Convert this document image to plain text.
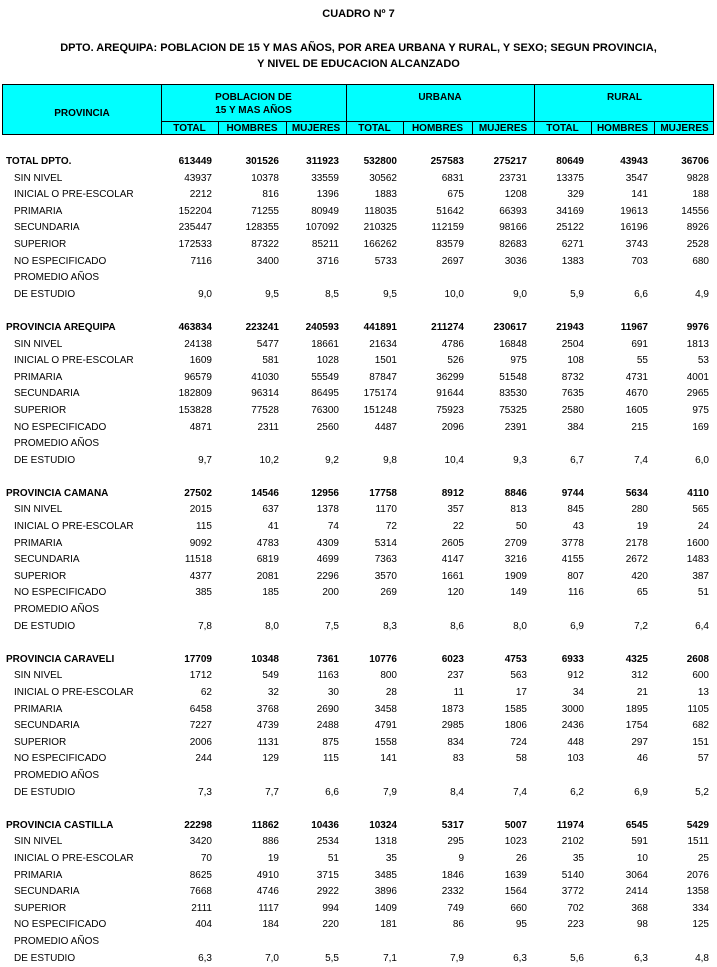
CUADRO Nº 7
DPTO. AREQUIPA: POBLACION DE 15 Y MAS AÑOS, POR AREA URBANA Y RURAL, Y SEXO; SEGUN PROVINCIA,
Y NIVEL DE EDUCACION ALCANZADO
PROVINCIA
POBLACION DE
15 Y MAS AÑOS
URBANA	RURAL
TOTAL	HOMBRES	MUJERES	TOTAL	HOMBRES	MUJERES	TOTAL	HOMBRES	MUJERES
TOTAL DPTO.	613449	301526	311923	532800	257583	275217	80649	43943	36706
SIN NIVEL	43937	10378	33559	30562	6831	23731	13375	3547	9828
INICIAL O PRE-ESCOLAR	2212	816	1396	1883	675	1208	329	141	188
PRIMARIA	152204	71255	80949	118035	51642	66393	34169	19613	14556
SECUNDARIA	235447	128355	107092	210325	112159	98166	25122	16196	8926
SUPERIOR	172533	87322	85211	166262	83579	82683	6271	3743	2528
NO ESPECIFICADO	7116	3400	3716	5733	2697	3036	1383	703	680
PROMEDIO AÑOS
DE ESTUDIO	9,0	9,5	8,5	9,5	10,0	9,0	5,9	6,6	4,9
PROVINCIA AREQUIPA	463834	223241	240593	441891	211274	230617	21943	11967	9976
SIN NIVEL	24138	5477	18661	21634	4786	16848	2504	691	1813
INICIAL O PRE-ESCOLAR	1609	581	1028	1501	526	975	108	55	53
PRIMARIA	96579	41030	55549	87847	36299	51548	8732	4731	4001
SECUNDARIA	182809	96314	86495	175174	91644	83530	7635	4670	2965
SUPERIOR	153828	77528	76300	151248	75923	75325	2580	1605	975
NO ESPECIFICADO	4871	2311	2560	4487	2096	2391	384	215	169
PROMEDIO AÑOS
DE ESTUDIO	9,7	10,2	9,2	9,8	10,4	9,3	6,7	7,4	6,0
PROVINCIA CAMANA	27502	14546	12956	17758	8912	8846	9744	5634	4110
SIN NIVEL	2015	637	1378	1170	357	813	845	280	565
INICIAL O PRE-ESCOLAR	115	41	74	72	22	50	43	19	24
PRIMARIA	9092	4783	4309	5314	2605	2709	3778	2178	1600
SECUNDARIA	11518	6819	4699	7363	4147	3216	4155	2672	1483
SUPERIOR	4377	2081	2296	3570	1661	1909	807	420	387
NO ESPECIFICADO	385	185	200	269	120	149	116	65	51
PROMEDIO AÑOS
DE ESTUDIO	7,8	8,0	7,5	8,3	8,6	8,0	6,9	7,2	6,4
PROVINCIA CARAVELI	17709	10348	7361	10776	6023	4753	6933	4325	2608
SIN NIVEL	1712	549	1163	800	237	563	912	312	600
INICIAL O PRE-ESCOLAR	62	32	30	28	11	17	34	21	13
PRIMARIA	6458	3768	2690	3458	1873	1585	3000	1895	1105
SECUNDARIA	7227	4739	2488	4791	2985	1806	2436	1754	682
SUPERIOR	2006	1131	875	1558	834	724	448	297	151
NO ESPECIFICADO	244	129	115	141	83	58	103	46	57
PROMEDIO AÑOS
DE ESTUDIO	7,3	7,7	6,6	7,9	8,4	7,4	6,2	6,9	5,2
PROVINCIA CASTILLA	22298	11862	10436	10324	5317	5007	11974	6545	5429
SIN NIVEL	3420	886	2534	1318	295	1023	2102	591	1511
INICIAL O PRE-ESCOLAR	70	19	51	35	9	26	35	10	25
PRIMARIA	8625	4910	3715	3485	1846	1639	5140	3064	2076
SECUNDARIA	7668	4746	2922	3896	2332	1564	3772	2414	1358
SUPERIOR	2111	1117	994	1409	749	660	702	368	334
NO ESPECIFICADO	404	184	220	181	86	95	223	98	125
PROMEDIO AÑOS
DE ESTUDIO	6,3	7,0	5,5	7,1	7,9	6,3	5,6	6,3	4,8
